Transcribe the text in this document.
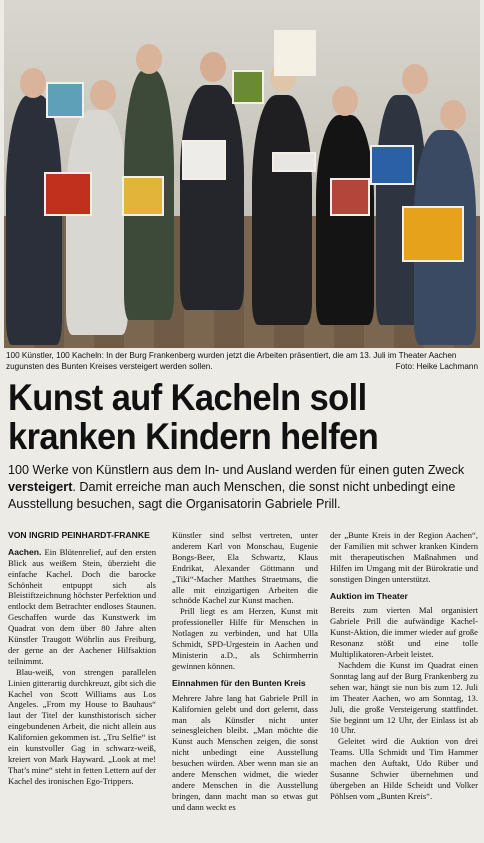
100 Künstler, 100 Kacheln: In der Burg Frankenberg wurden jetzt die Arbeiten präsentiert, die am 13. Juli im Theater Aachen zugunsten des Bunten Kreises versteigert werden sollen.	Foto: Heike Lachmann
Kunst auf Kacheln soll kranken Kindern helfen
100 Werke von Künstlern aus dem In- und Ausland werden für einen guten Zweck versteigert. Damit erreiche man auch Menschen, die sonst nicht unbedingt eine Ausstellung besuchen, sagt die Organisatorin Gabriele Prill.
VON INGRID PEINHARDT-FRANKE

Aachen. Ein Blütenrelief, auf den ersten Blick aus weißem Stein, überzieht die einfache Kachel. Doch die barocke Schönheit entpuppt sich als Bleistiftzeichnung höchster Perfektion und entlockt dem Betrachter endloses Staunen. Geschaffen wurde das Kunstwerk im Quadrat von dem über 80 Jahre alten Künstler Traugott Wöhrlin aus Freiburg, der gerne an der Aachener Hilfsaktion teilnimmt.

Blau-weiß, von strengen parallelen Linien gitterartig durchkreuzt, gibt sich die Kachel von Scott Williams aus Los Angeles. „From my House to Bauhaus“ laut der Titel der kunsthistorisch sicher eingebundenen Arbeit, die nicht allein aus Kalifornien gekommen ist. „Tru Selfie“ ist ein kunstvoller Gag in schwarz-weiß, kreiert von Mark Hayward. „Look at me! That’s mine“ steht in fetten Lettern auf der Kachel des ironischen Ego-Trippers.

Künstler sind selbst vertreten, unter anderem Karl von Monschau, Eugenie Bongs-Beer, Ela Schwartz, Klaus Endrikat, Alexander Göttmann und „Tiki“-Macher Matthes Straetmans, die alle mit einzigartigen Arbeiten die schnöde Kachel zur Kunst machen.

Prill liegt es am Herzen, Kunst mit professioneller Hilfe für Menschen in Notlagen zu verbinden, und hat Ulla Schmidt, SPD-Urgestein in Aachen und Ministerin a.D., als Schirmherrin gewinnen können.

Einnahmen für den Bunten Kreis

Mehrere Jahre lang hat Gabriele Prill in Kalifornien gelebt und dort gelernt, dass man als Künstler nicht unter seinesgleichen bleibt. „Man möchte die Kunst auch Menschen zeigen, die sonst nicht unbedingt eine Ausstellung besuchen würden. Aber wenn man sie an andere Menschen widmet, die wieder andere Menschen in die Ausstellung bringen, dann macht man so etwas gut und dann weckt es

der „Bunte Kreis in der Region Aachen“, der Familien mit schwer kranken Kindern mit therapeutischen Maßnahmen und Hilfen im Umgang mit der Bürokratie und sonstigen Dingen unterstützt.

Auktion im Theater

Bereits zum vierten Mal organisiert Gabriele Prill die aufwändige Kachel-Kunst-Aktion, die immer wieder auf große Resonanz stößt und eine tolle Multiplikatoren-Arbeit leistet.

Nachdem die Kunst im Quadrat einen Sonntag lang auf der Burg Frankenberg zu sehen war, hängt sie nun bis zum 12. Juli im Theater Aachen, wo am Sonntag, 13. Juli, die große Versteigerung stattfindet. Sie beginnt um 12 Uhr, der Einlass ist ab 10 Uhr.

Geleitet wird die Auktion von drei Teams. Ulla Schmidt und Tim Hammer machen den Auftakt, Udo Rüber und Susanne Schwier übernehmen und übergeben an Hilde Scheidt und Volker Pöhlsen vom „Bunten Kreis“.
